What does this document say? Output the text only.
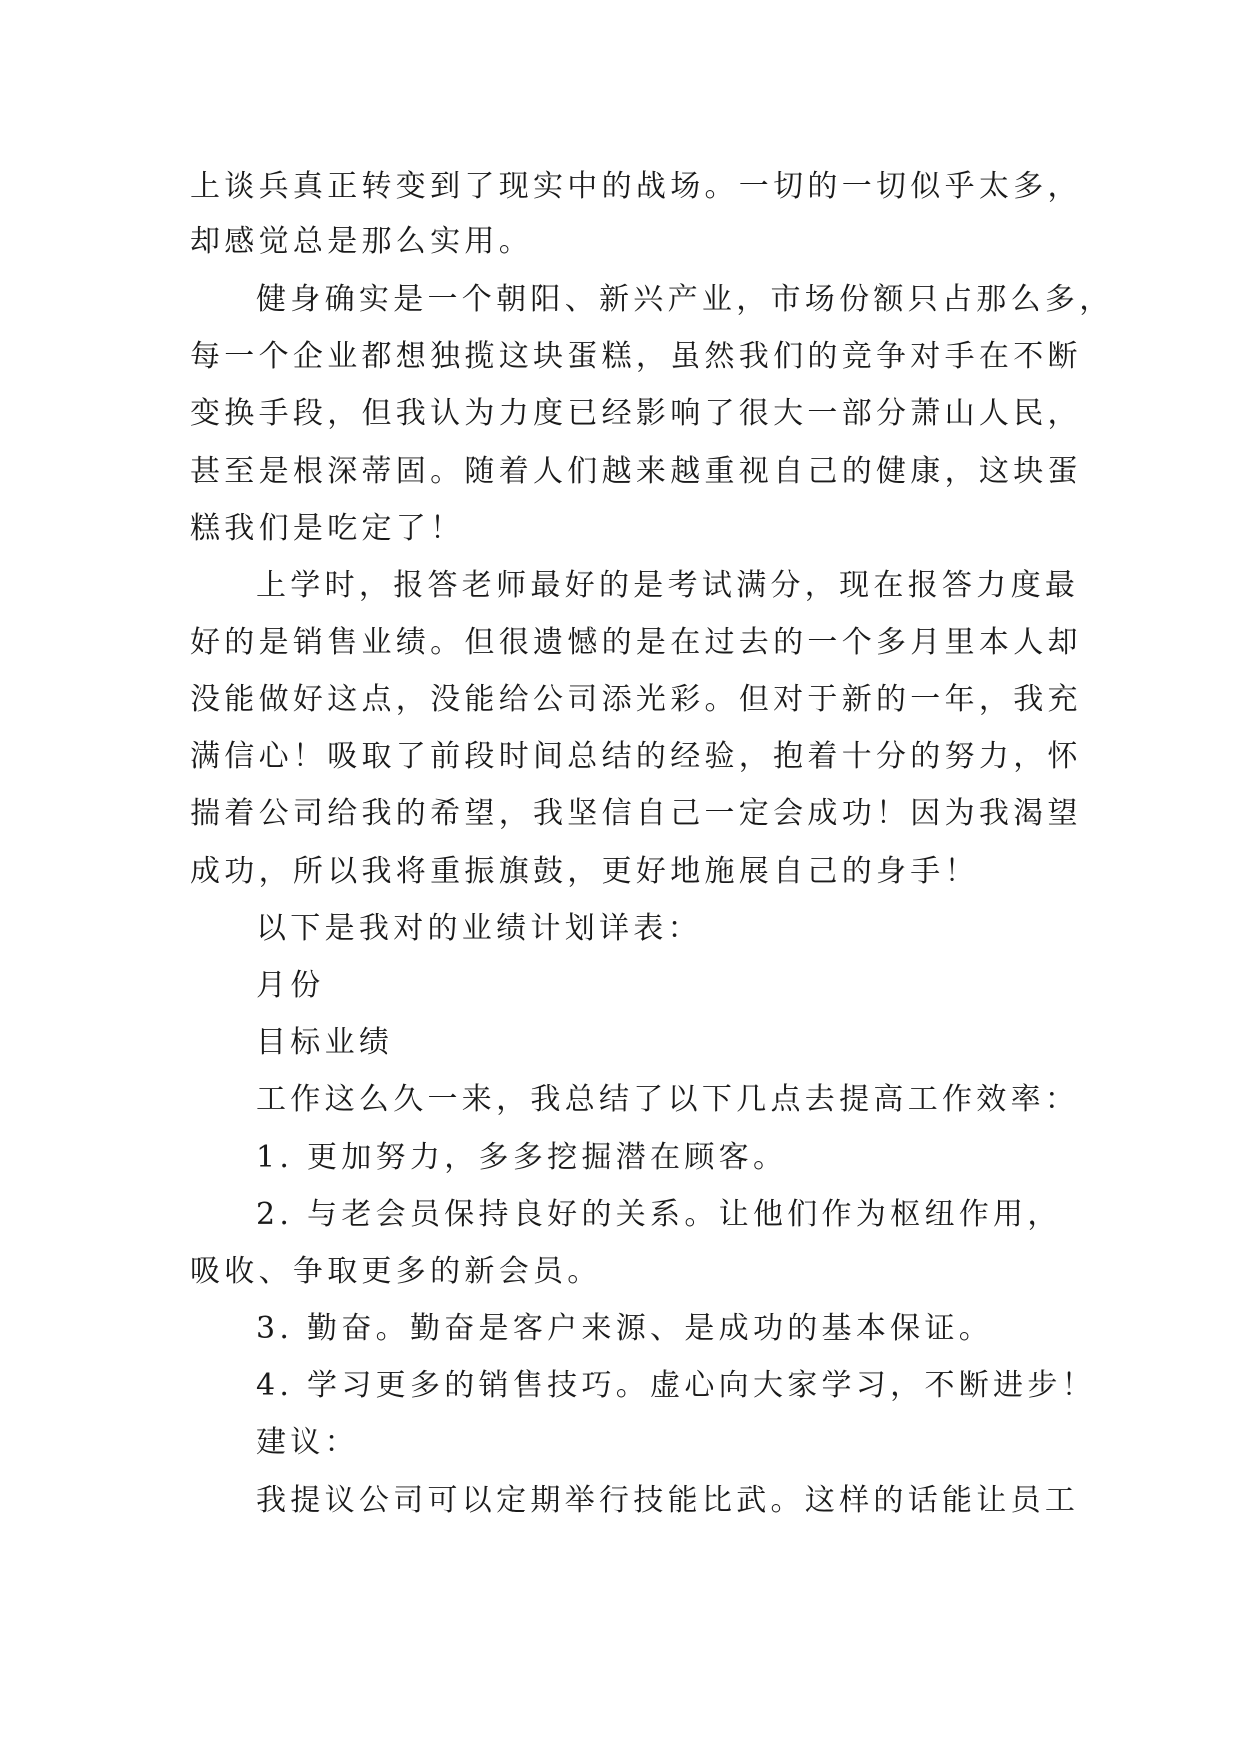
上谈兵真正转变到了现实中的战场。一切的一切似乎太多，

却感觉总是那么实用。

健身确实是一个朝阳、新兴产业，市场份额只占那么多，

每一个企业都想独揽这块蛋糕，虽然我们的竞争对手在不断

变换手段，但我认为力度已经影响了很大一部分萧山人民，

甚至是根深蒂固。随着人们越来越重视自己的健康，这块蛋

糕我们是吃定了！

上学时，报答老师最好的是考试满分，现在报答力度最

好的是销售业绩。但很遗憾的是在过去的一个多月里本人却

没能做好这点，没能给公司添光彩。但对于新的一年，我充

满信心！吸取了前段时间总结的经验，抱着十分的努力，怀

揣着公司给我的希望，我坚信自己一定会成功！因为我渴望

成功，所以我将重振旗鼓，更好地施展自己的身手！

以下是我对的业绩计划详表：

月份

目标业绩

工作这么久一来，我总结了以下几点去提高工作效率：

1. 更加努力，多多挖掘潜在顾客。

2. 与老会员保持良好的关系。让他们作为枢纽作用，

吸收、争取更多的新会员。

3. 勤奋。勤奋是客户来源、是成功的基本保证。

4. 学习更多的销售技巧。虚心向大家学习，不断进步！

建议：

我提议公司可以定期举行技能比武。这样的话能让员工
